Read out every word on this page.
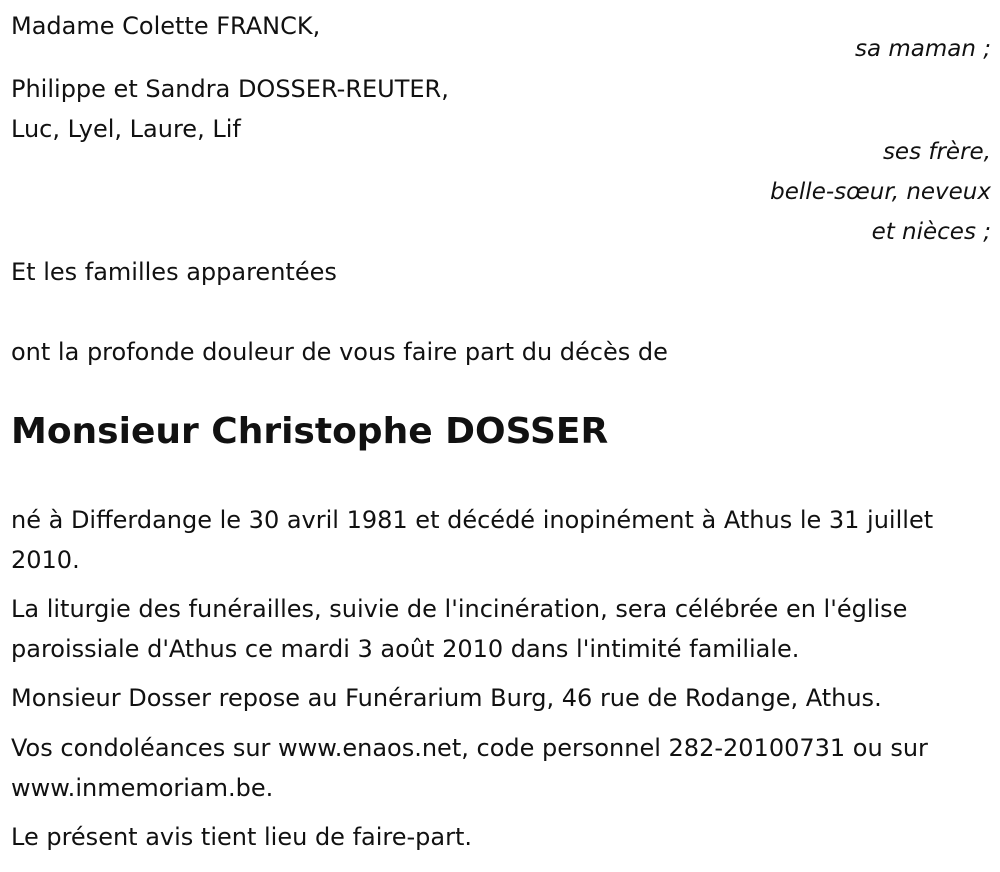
Madame Colette FRANCK,
sa maman ;
Philippe et Sandra DOSSER-REUTER,
Luc, Lyel, Laure, Lif
ses frère,
belle-sœur, neveux
et nièces ;
Et les familles apparentées
ont la profonde douleur de vous faire part du décès de
Monsieur Christophe DOSSER
né à Differdange le 30 avril 1981 et décédé inopinément à Athus le 31 juillet 2010.
La liturgie des funérailles, suivie de l'incinération, sera célébrée en l'église paroissiale d'Athus ce mardi 3 août 2010 dans l'intimité familiale.
Monsieur Dosser repose au Funérarium Burg, 46 rue de Rodange, Athus.
Vos condoléances sur www.enaos.net, code personnel 282-20100731 ou sur www.inmemoriam.be.
Le présent avis tient lieu de faire-part.
